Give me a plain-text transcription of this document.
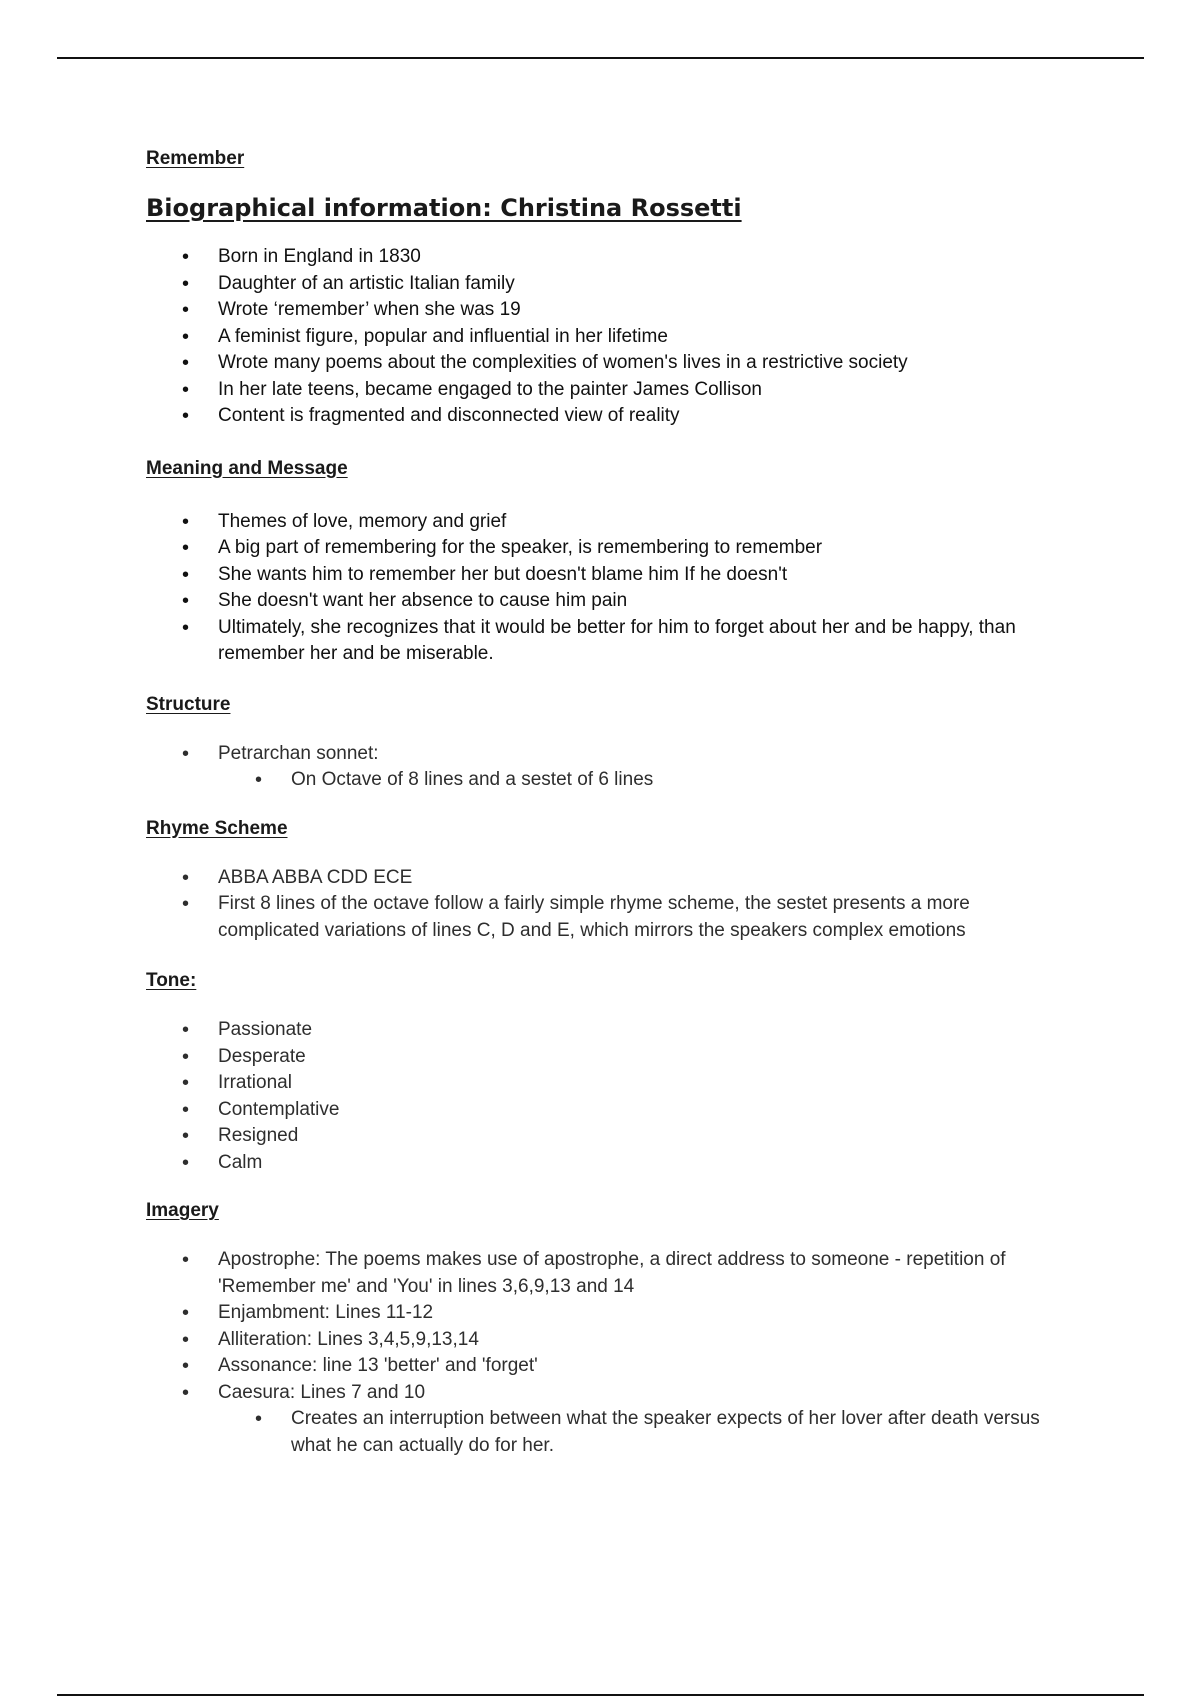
Remember
Biographical information: Christina Rossetti
• Born in England in 1830
• Daughter of an artistic Italian family
• Wrote ‘remember’ when she was 19
• A feminist figure, popular and influential in her lifetime
• Wrote many poems about the complexities of women's lives in a restrictive society
• In her late teens, became engaged to the painter James Collison
• Content is fragmented and disconnected view of reality
Meaning and Message
• Themes of love, memory and grief
• A big part of remembering for the speaker, is remembering to remember
• She wants him to remember her but doesn't blame him If he doesn't
• She doesn't want her absence to cause him pain
• Ultimately, she recognizes that it would be better for him to forget about her and be happy, than remember her and be miserable.
Structure
• Petrarchan sonnet:
• On Octave of 8 lines and a sestet of 6 lines
Rhyme Scheme
• ABBA ABBA CDD ECE
• First 8 lines of the octave follow a fairly simple rhyme scheme, the sestet presents a more complicated variations of lines C, D and E, which mirrors the speakers complex emotions
Tone:
• Passionate
• Desperate
• Irrational
• Contemplative
• Resigned
• Calm
Imagery
• Apostrophe: The poems makes use of apostrophe, a direct address to someone - repetition of 'Remember me' and 'You' in lines 3,6,9,13 and 14
• Enjambment: Lines 11-12
• Alliteration: Lines 3,4,5,9,13,14
• Assonance: line 13 'better' and 'forget'
• Caesura: Lines 7 and 10
• Creates an interruption between what the speaker expects of her lover after death versus what he can actually do for her.
